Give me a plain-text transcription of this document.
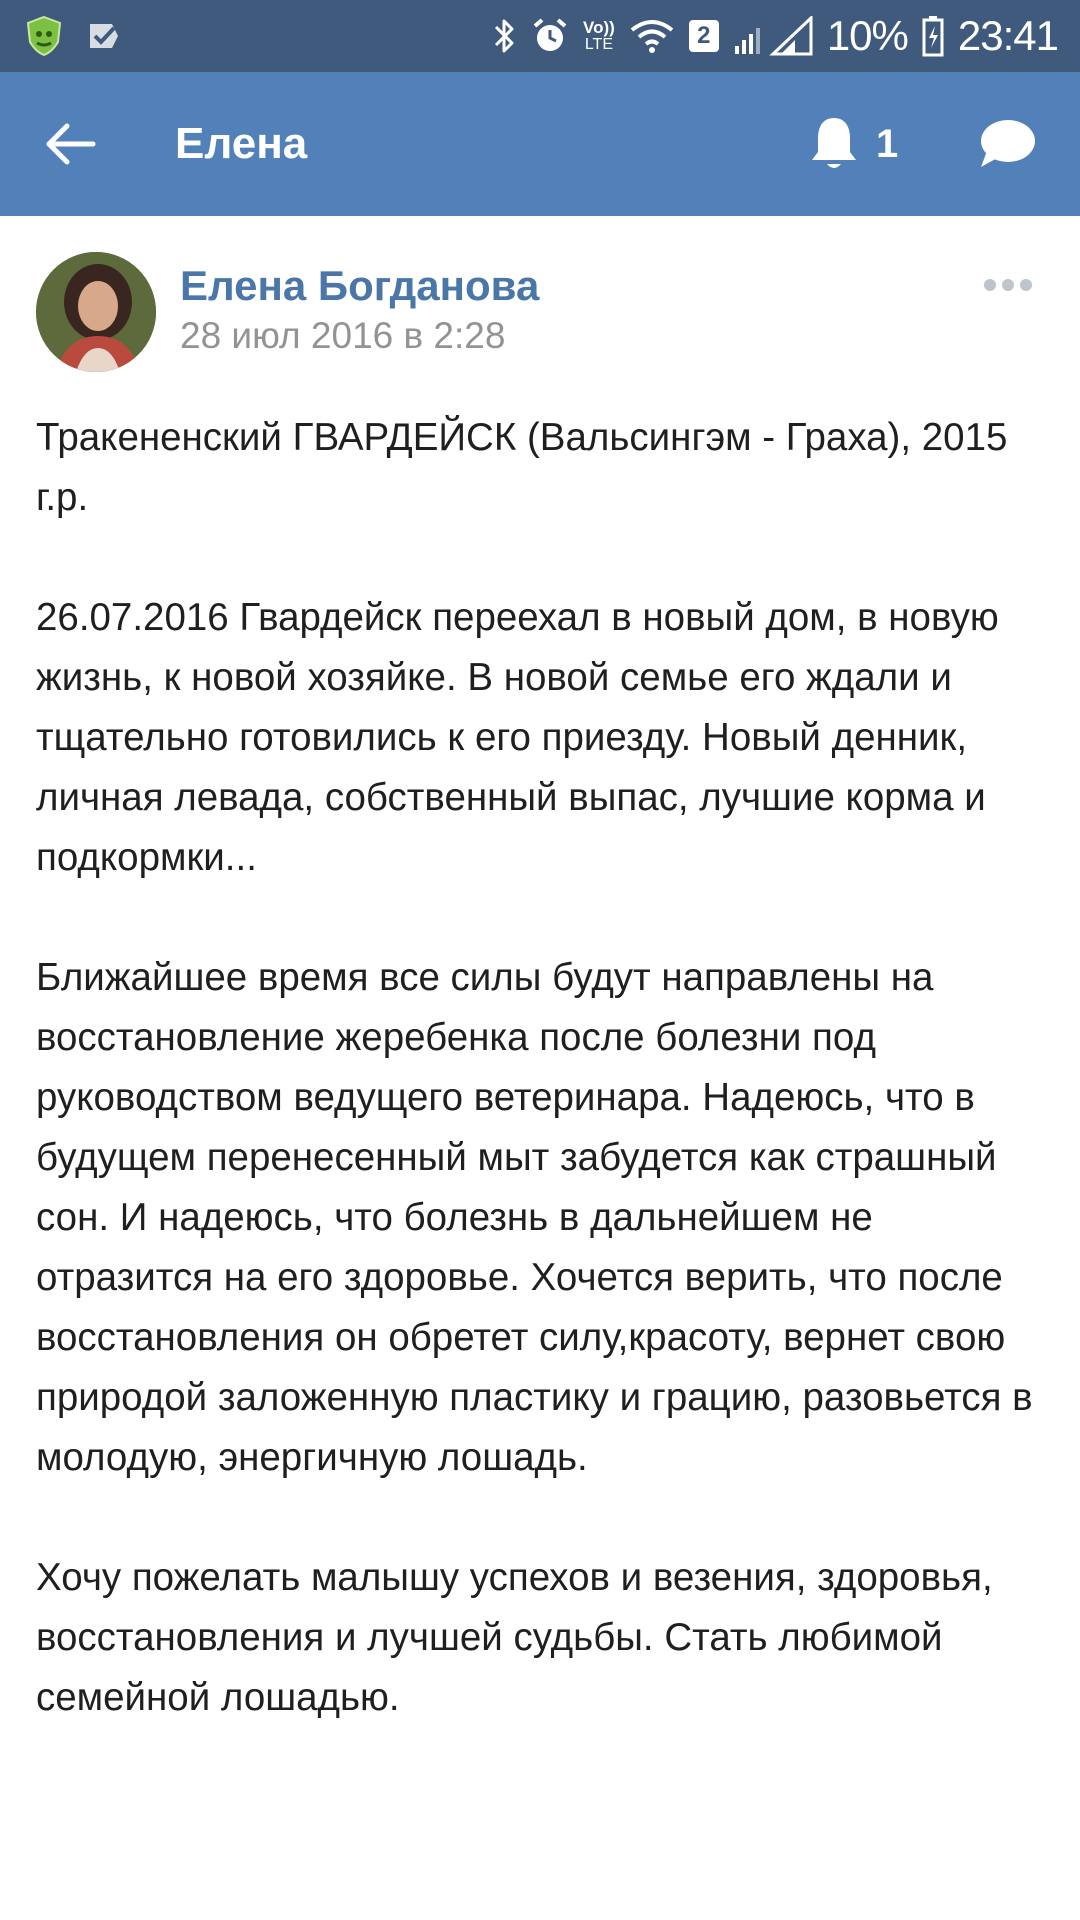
Vo))
LTE	2	10% 23:41
Елена	1
Елена Богданова
28 июл 2016 в 2:28

Тракененский ГВАРДЕЙСК (Вальсингэм - Граха), 2015 г.р.

26.07.2016 Гвардейск переехал в новый дом, в новую жизнь, к новой хозяйке. В новой семье его ждали и тщательно готовились к его приезду. Новый денник, личная левада, собственный выпас, лучшие корма и подкормки...

Ближайшее время все силы будут направлены на восстановление жеребенка после болезни под руководством ведущего ветеринара. Надеюсь, что в будущем перенесенный мыт забудется как страшный сон. И надеюсь, что болезнь в дальнейшем не отразится на его здоровье. Хочется верить, что после восстановления он обретет силу,красоту, вернет свою природой заложенную пластику и грацию, разовьется в молодую, энергичную лошадь.

Хочу пожелать малышу успехов и везения, здоровья, восстановления и лучшей судьбы. Стать любимой семейной лошадью.
